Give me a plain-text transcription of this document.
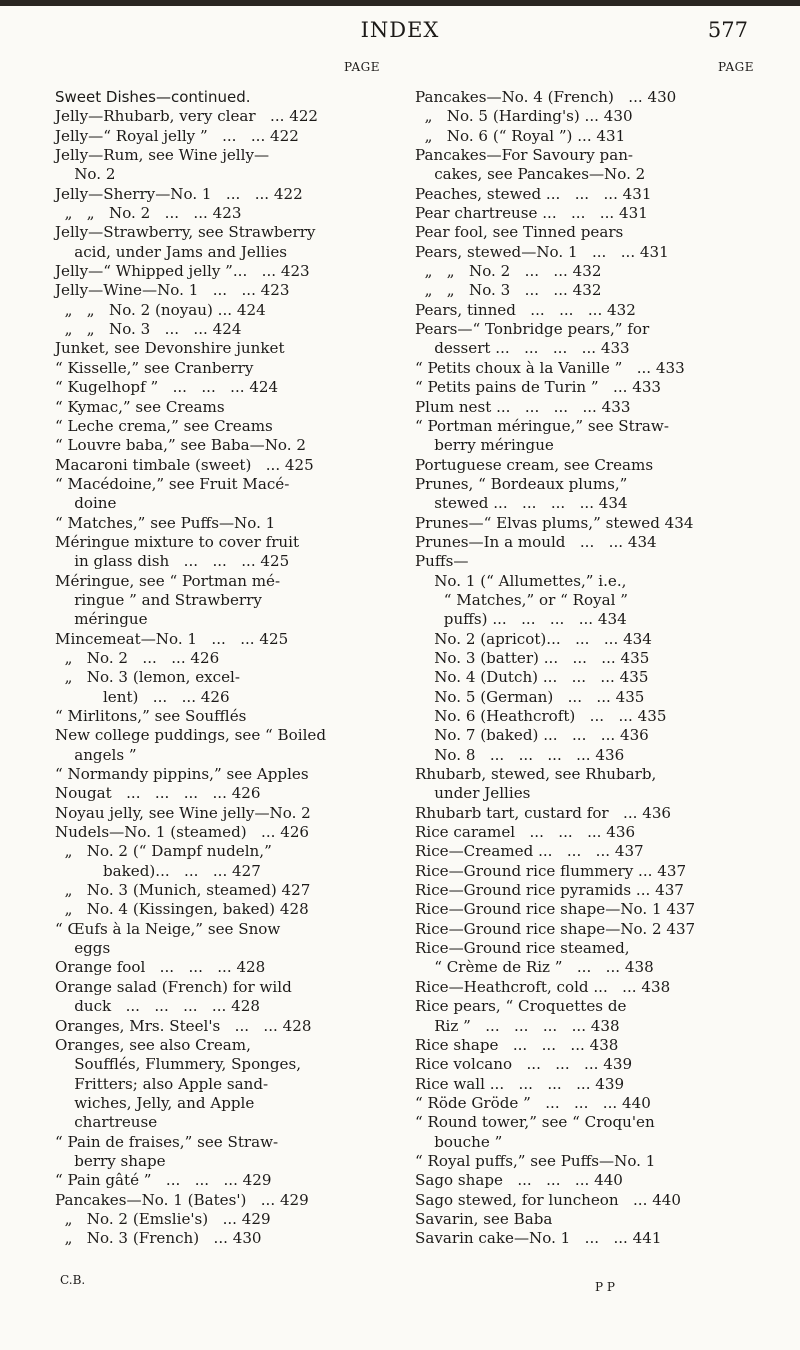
INDEX	577
PAGE	PAGE
Sweet Dishes—continued.
Jelly—Rhubarb, very clear   ... 422
Jelly—“ Royal jelly ”   ...   ... 422
Jelly—Rum, see Wine jelly—
No. 2
Jelly—Sherry—No. 1   ...   ... 422
„   „   No. 2   ...   ... 423
Jelly—Strawberry, see Strawberry
acid, under Jams and Jellies
Jelly—“ Whipped jelly ”...   ... 423
Jelly—Wine—No. 1   ...   ... 423
„   „   No. 2 (noyau) ... 424
„   „   No. 3   ...   ... 424
Junket, see Devonshire junket
“ Kisselle,” see Cranberry
“ Kugelhopf ”   ...   ...   ... 424
“ Kymac,” see Creams
“ Leche crema,” see Creams
“ Louvre baba,” see Baba—No. 2
Macaroni timbale (sweet)   ... 425
“ Macédoine,” see Fruit Macé-
doine
“ Matches,” see Puffs—No. 1
Méringue mixture to cover fruit
in glass dish   ...   ...   ... 425
Méringue, see “ Portman mé-
ringue ” and Strawberry
méringue
Mincemeat—No. 1   ...   ... 425
„   No. 2   ...   ... 426
„   No. 3 (lemon, excel-
lent)   ...   ... 426
“ Mirlitons,” see Soufflés
New college puddings, see “ Boiled
angels ”
“ Normandy pippins,” see Apples
Nougat   ...   ...   ...   ... 426
Noyau jelly, see Wine jelly—No. 2
Nudels—No. 1 (steamed)   ... 426
„   No. 2 (“ Dampf nudeln,”
baked)...   ...   ... 427
„   No. 3 (Munich, steamed) 427
„   No. 4 (Kissingen, baked) 428
“ Œufs à la Neige,” see Snow
eggs
Orange fool   ...   ...   ... 428
Orange salad (French) for wild
duck   ...   ...   ...   ... 428
Oranges, Mrs. Steel's   ...   ... 428
Oranges, see also Cream,
Soufflés, Flummery, Sponges,
Fritters; also Apple sand-
wiches, Jelly, and Apple
chartreuse
“ Pain de fraises,” see Straw-
berry shape
“ Pain gâté ”   ...   ...   ... 429
Pancakes—No. 1 (Bates')   ... 429
„   No. 2 (Emslie's)   ... 429
„   No. 3 (French)   ... 430
Pancakes—No. 4 (French)   ... 430
„   No. 5 (Harding's) ... 430
„   No. 6 (“ Royal ”) ... 431
Pancakes—For Savoury pan-
cakes, see Pancakes—No. 2
Peaches, stewed ...   ...   ... 431
Pear chartreuse ...   ...   ... 431
Pear fool, see Tinned pears
Pears, stewed—No. 1   ...   ... 431
„   „   No. 2   ...   ... 432
„   „   No. 3   ...   ... 432
Pears, tinned   ...   ...   ... 432
Pears—“ Tonbridge pears,” for
dessert ...   ...   ...   ... 433
“ Petits choux à la Vanille ”   ... 433
“ Petits pains de Turin ”   ... 433
Plum nest ...   ...   ...   ... 433
“ Portman méringue,” see Straw-
berry méringue
Portuguese cream, see Creams
Prunes, “ Bordeaux plums,”
stewed ...   ...   ...   ... 434
Prunes—“ Elvas plums,” stewed 434
Prunes—In a mould   ...   ... 434
Puffs—
No. 1 (“ Allumettes,” i.e.,
“ Matches,” or “ Royal ”
puffs) ...   ...   ...   ... 434
No. 2 (apricot)...   ...   ... 434
No. 3 (batter) ...   ...   ... 435
No. 4 (Dutch) ...   ...   ... 435
No. 5 (German)   ...   ... 435
No. 6 (Heathcroft)   ...   ... 435
No. 7 (baked) ...   ...   ... 436
No. 8   ...   ...   ...   ... 436
Rhubarb, stewed, see Rhubarb,
under Jellies
Rhubarb tart, custard for   ... 436
Rice caramel   ...   ...   ... 436
Rice—Creamed ...   ...   ... 437
Rice—Ground rice flummery ... 437
Rice—Ground rice pyramids ... 437
Rice—Ground rice shape—No. 1 437
Rice—Ground rice shape—No. 2 437
Rice—Ground rice steamed,
“ Crème de Riz ”   ...   ... 438
Rice—Heathcroft, cold ...   ... 438
Rice pears, “ Croquettes de
Riz ”   ...   ...   ...   ... 438
Rice shape   ...   ...   ... 438
Rice volcano   ...   ...   ... 439
Rice wall ...   ...   ...   ... 439
“ Röde Gröde ”   ...   ...   ... 440
“ Round tower,” see “ Croqu'en
bouche ”
“ Royal puffs,” see Puffs—No. 1
Sago shape   ...   ...   ... 440
Sago stewed, for luncheon   ... 440
Savarin, see Baba
Savarin cake—No. 1   ...   ... 441
C.B.	P P
